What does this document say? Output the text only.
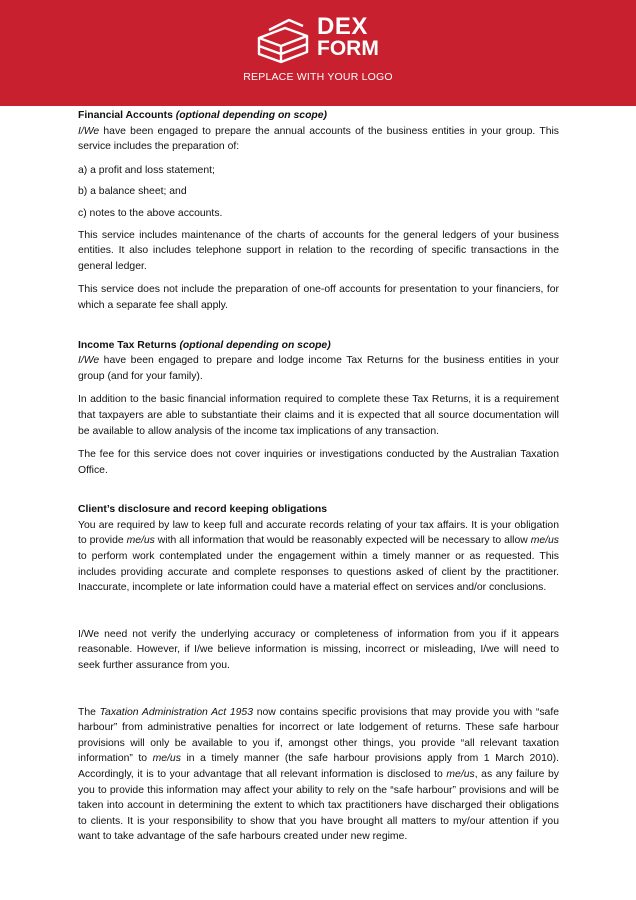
DEX
FORM
REPLACE WITH YOUR LOGO

Financial Accounts (optional depending on scope)

I/We have been engaged to prepare the annual accounts of the business entities in your group. This service includes the preparation of:

a) a profit and loss statement;
b) a balance sheet; and
c) notes to the above accounts.

This service includes maintenance of the charts of accounts for the general ledgers of your business entities. It also includes telephone support in relation to the recording of specific transactions in the general ledger.

This service does not include the preparation of one-off accounts for presentation to your financiers, for which a separate fee shall apply.

Income Tax Returns (optional depending on scope)

I/We have been engaged to prepare and lodge income Tax Returns for the business entities in your group (and for your family).

In addition to the basic financial information required to complete these Tax Returns, it is a requirement that taxpayers are able to substantiate their claims and it is expected that all source documentation will be available to allow analysis of the income tax implications of any transaction.

The fee for this service does not cover inquiries or investigations conducted by the Australian Taxation Office.

Client’s disclosure and record keeping obligations

You are required by law to keep full and accurate records relating of your tax affairs. It is your obligation to provide me/us with all information that would be reasonably expected will be necessary to allow me/us to perform work contemplated under the engagement within a timely manner or as requested. This includes providing accurate and complete responses to questions asked of client by the practitioner. Inaccurate, incomplete or late information could have a material effect on services and/or conclusions.

I/We need not verify the underlying accuracy or completeness of information from you if it appears reasonable. However, if I/we believe information is missing, incorrect or misleading, I/we will need to seek further assurance from you.

The Taxation Administration Act 1953 now contains specific provisions that may provide you with “safe harbour” from administrative penalties for incorrect or late lodgement of returns. These safe harbour provisions will only be available to you if, amongst other things, you provide “all relevant taxation information” to me/us in a timely manner (the safe harbour provisions apply from 1 March 2010). Accordingly, it is to your advantage that all relevant information is disclosed to me/us, as any failure by you to provide this information may affect your ability to rely on the “safe harbour” provisions and will be taken into account in determining the extent to which tax practitioners have discharged their obligations to clients. It is your responsibility to show that you have brought all matters to my/our attention if you want to take advantage of the safe harbours created under new regime.
